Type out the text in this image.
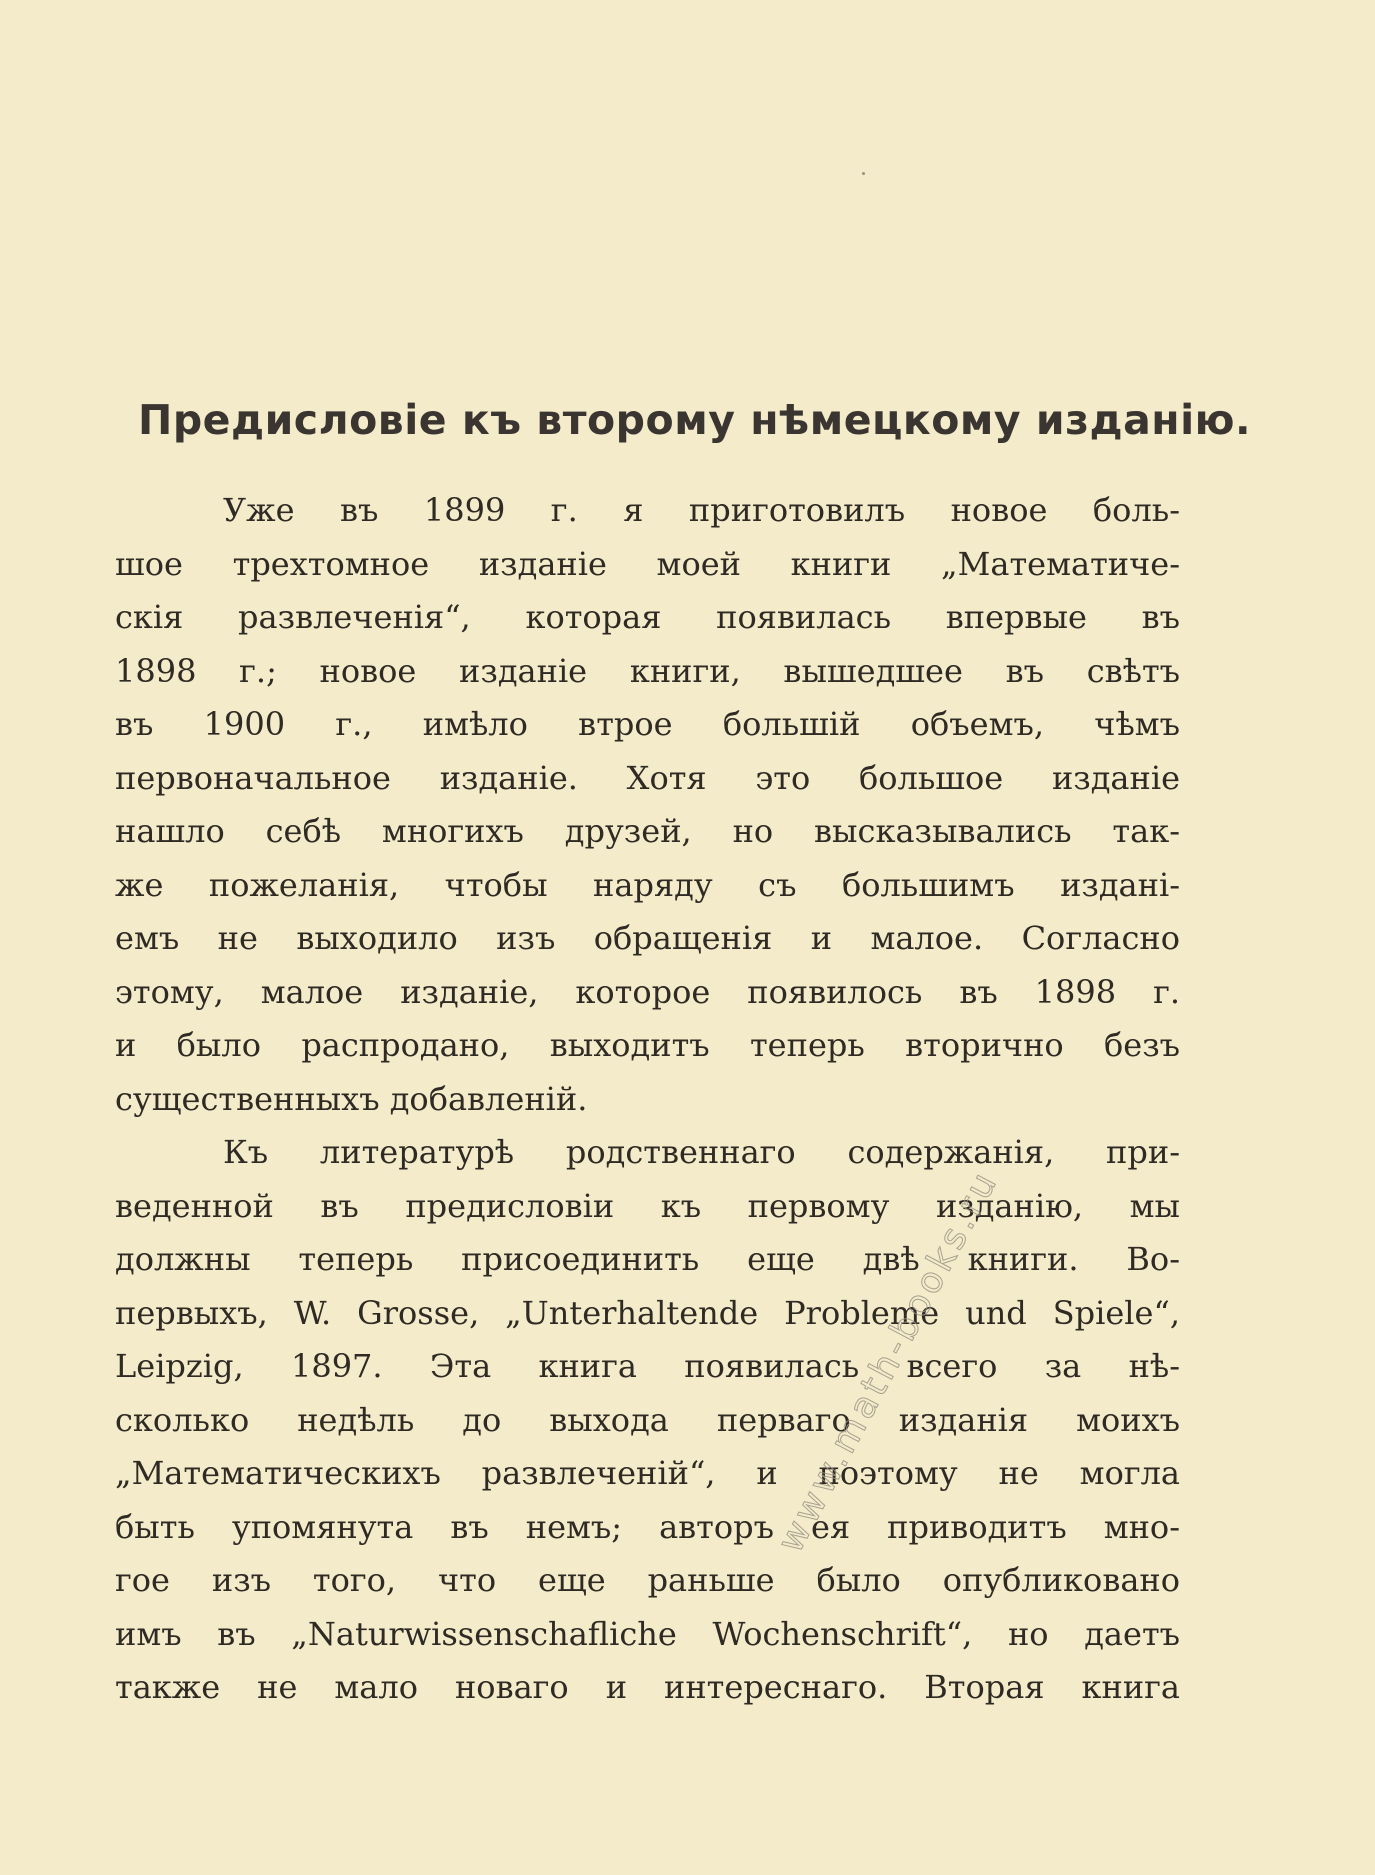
Предисловіе къ второму нѣмецкому изданію.
Уже въ 1899 г. я приготовилъ новое боль-
шое трехтомное изданіе моей книги „Математиче-
скія развлеченія“, которая появилась впервые въ
1898 г.; новое изданіе книги, вышедшее въ свѣтъ
въ 1900 г., имѣло втрое большій объемъ, чѣмъ
первоначальное изданіе. Хотя это большое изданіе
нашло себѣ многихъ друзей, но высказывались так-
же пожеланія, чтобы наряду съ большимъ издані-
емъ не выходило изъ обращенія и малое. Согласно
этому, малое изданіе, которое появилось въ 1898 г.
и было распродано, выходитъ теперь вторично безъ
существенныхъ добавленій.
Къ литературѣ родственнаго содержанія, при-
веденной въ предисловіи къ первому изданію, мы
должны теперь присоединить еще двѣ книги. Во-
первыхъ, W. Grosse, „Unterhaltende Probleme und Spiele“,
Leipzig, 1897. Эта книга появилась всего за нѣ-
сколько недѣль до выхода перваго изданія моихъ
„Математическихъ развлеченій“, и поэтому не могла
быть упомянута въ немъ; авторъ ея приводитъ мно-
гое изъ того, что еще раньше было опубликовано
имъ въ „Naturwissenschafliche Wochenschrift“, но даетъ
также не мало новаго и интереснаго. Вторая книга
www.math-books.ru
